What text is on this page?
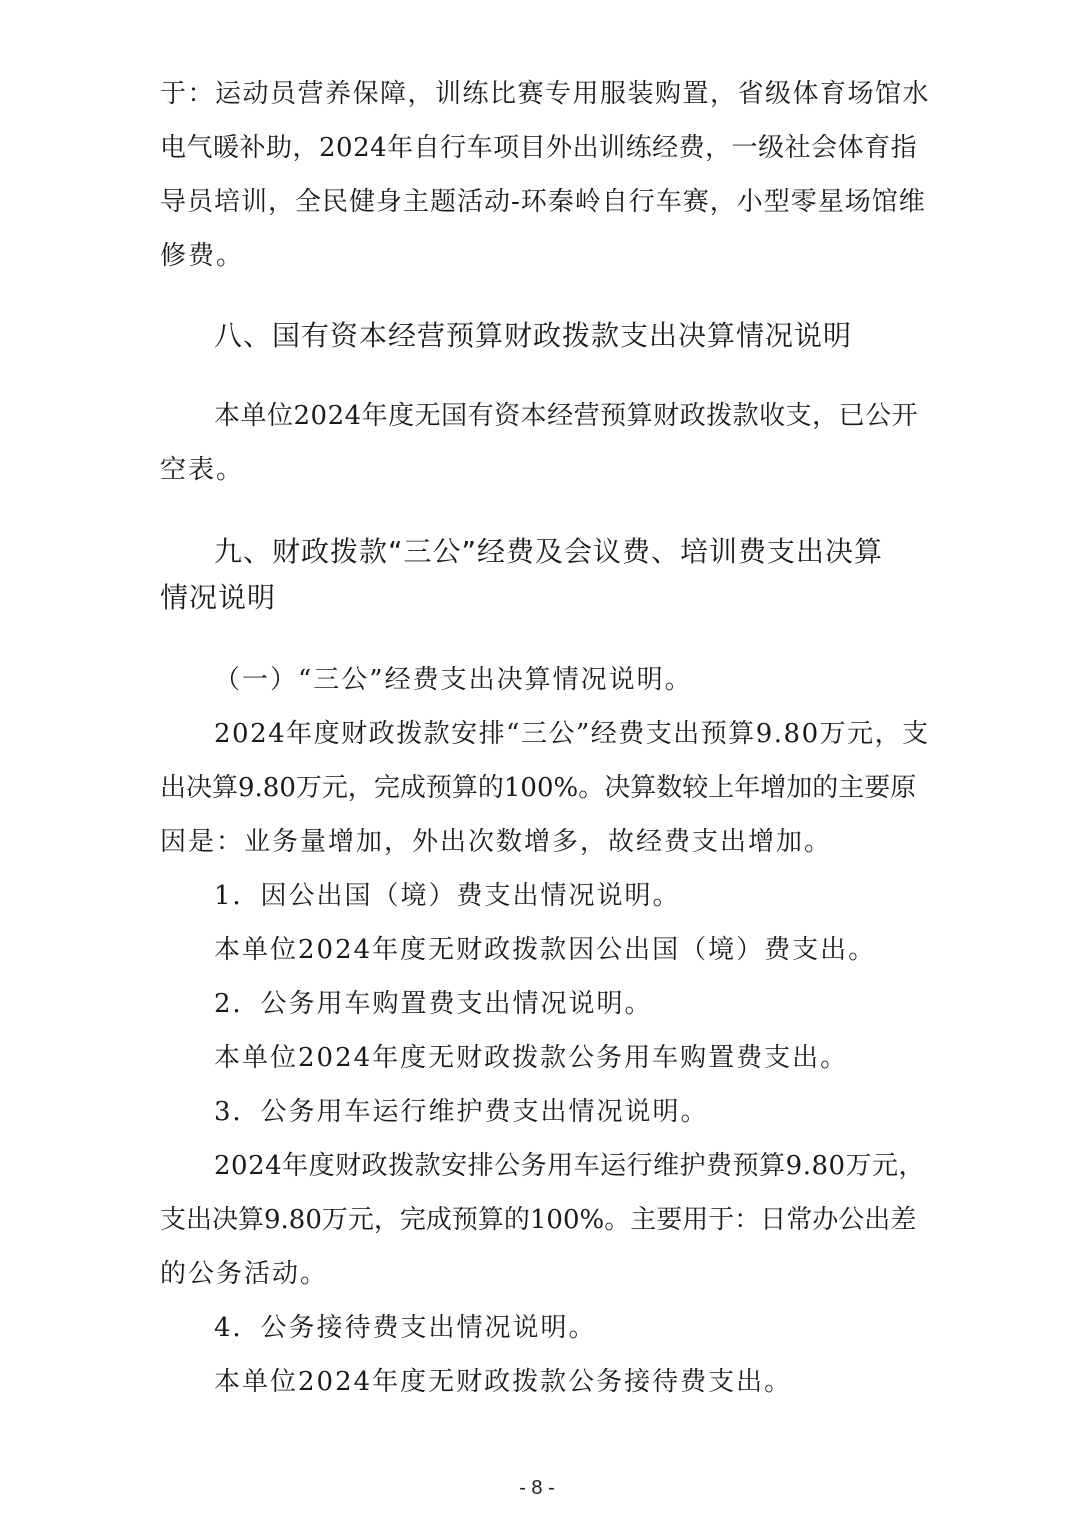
于：运动员营养保障，训练比赛专用服装购置，省级体育场馆水
电气暖补助，2024年自行车项目外出训练经费，一级社会体育指
导员培训，全民健身主题活动-环秦岭自行车赛，小型零星场馆维
修费。
八、国有资本经营预算财政拨款支出决算情况说明
本单位2024年度无国有资本经营预算财政拨款收支，已公开
空表。
九、财政拨款“三公”经费及会议费、培训费支出决算
情况说明
（一）“三公”经费支出决算情况说明。
2024年度财政拨款安排“三公”经费支出预算9.80万元，支
出决算9.80万元，完成预算的100%。决算数较上年增加的主要原
因是：业务量增加，外出次数增多，故经费支出增加。
1．因公出国（境）费支出情况说明。
本单位2024年度无财政拨款因公出国（境）费支出。
2．公务用车购置费支出情况说明。
本单位2024年度无财政拨款公务用车购置费支出。
3．公务用车运行维护费支出情况说明。
2024年度财政拨款安排公务用车运行维护费预算9.80万元，
支出决算9.80万元，完成预算的100%。主要用于：日常办公出差
的公务活动。
4．公务接待费支出情况说明。
本单位2024年度无财政拨款公务接待费支出。
- 8 -
